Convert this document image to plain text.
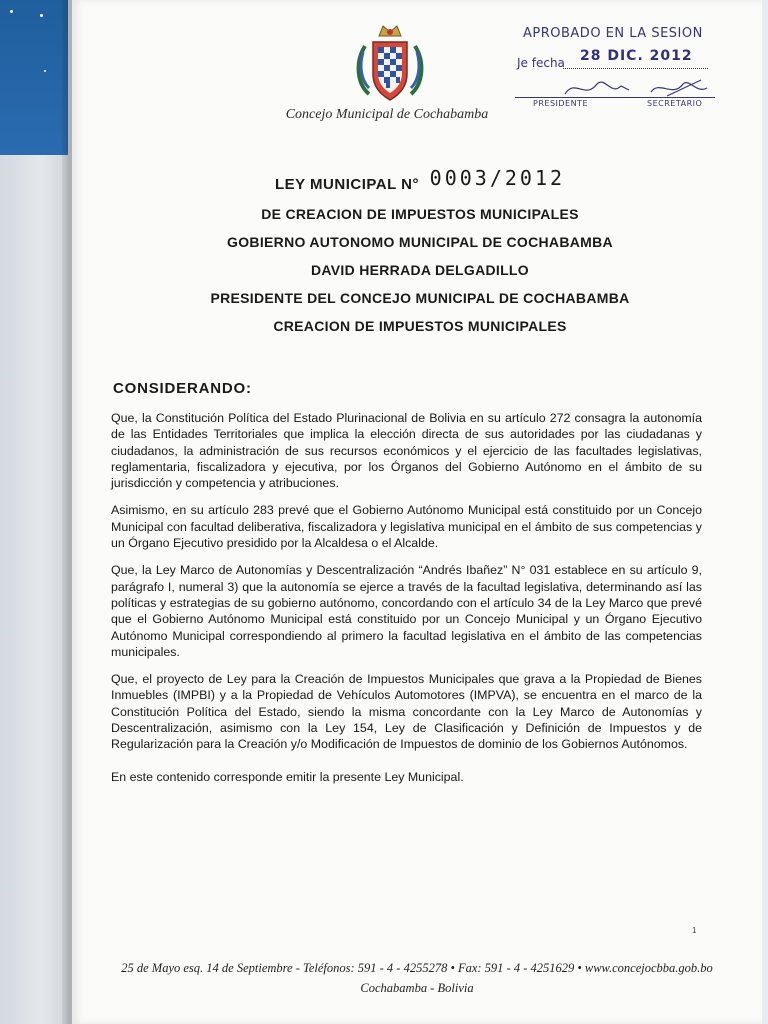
Concejo Municipal de Cochabamba
APROBADO EN LA SESION
Je fecha 28 DIC. 2012
PRESIDENTE	SECRETARIO
LEY MUNICIPAL N° 0003/2012
DE CREACION DE IMPUESTOS MUNICIPALES
GOBIERNO AUTONOMO MUNICIPAL DE COCHABAMBA
DAVID HERRADA DELGADILLO
PRESIDENTE DEL CONCEJO MUNICIPAL DE COCHABAMBA
CREACION DE IMPUESTOS MUNICIPALES
CONSIDERANDO:

Que, la Constitución Política del Estado Plurinacional de Bolivia en su artículo 272 consagra la autonomía de las Entidades Territoriales que implica la elección directa de sus autoridades por las ciudadanas y ciudadanos, la administración de sus recursos económicos y el ejercicio de las facultades legislativas, reglamentaria, fiscalizadora y ejecutiva, por los Órganos del Gobierno Autónomo en el ámbito de su jurisdicción y competencia y atribuciones.

Asimismo, en su artículo 283 prevé que el Gobierno Autónomo Municipal está constituido por un Concejo Municipal con facultad deliberativa, fiscalizadora y legislativa municipal en el ámbito de sus competencias y un Órgano Ejecutivo presidido por la Alcaldesa o el Alcalde.

Que, la Ley Marco de Autonomías y Descentralización “Andrés Ibañez” N° 031 establece en su artículo 9, parágrafo I, numeral 3) que la autonomía se ejerce a través de la facultad legislativa, determinando así las políticas y estrategias de su gobierno autónomo, concordando con el artículo 34 de la Ley Marco que prevé que el Gobierno Autónomo Municipal está constituido por un Concejo Municipal y un Órgano Ejecutivo Autónomo Municipal correspondiendo al primero la facultad legislativa en el ámbito de las competencias municipales.

Que, el proyecto de Ley para la Creación de Impuestos Municipales que grava a la Propiedad de Bienes Inmuebles (IMPBI) y a la Propiedad de Vehículos Automotores (IMPVA), se encuentra en el marco de la Constitución Política del Estado, siendo la misma concordante con la Ley Marco de Autonomías y Descentralización, asimismo con la Ley 154, Ley de Clasificación y Definición de Impuestos y de Regularización para la Creación y/o Modificación de Impuestos de dominio de los Gobiernos Autónomos.

En este contenido corresponde emitir la presente Ley Municipal.

1
25 de Mayo esq. 14 de Septiembre - Teléfonos: 591 - 4 - 4255278 • Fax: 591 - 4 - 4251629 • www.concejocbba.gob.bo
Cochabamba - Bolivia
